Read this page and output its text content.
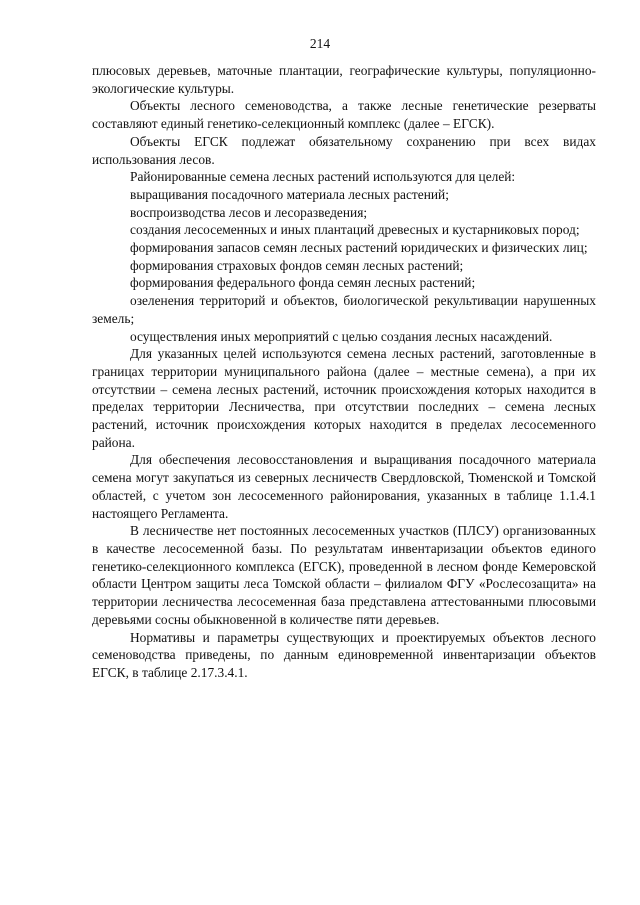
214

плюсовых деревьев, маточные плантации, географические культуры, популяционно-экологические культуры.

Объекты лесного семеноводства, а также лесные генетические резерваты составляют единый генетико-селекционный комплекс (далее – ЕГСК).

Объекты ЕГСК подлежат обязательному сохранению при всех видах использования лесов.

Районированные семена лесных растений используются для целей:

выращивания посадочного материала лесных растений;

воспроизводства лесов и лесоразведения;

создания лесосеменных и иных плантаций древесных и кустарниковых пород;

формирования запасов семян лесных растений юридических и физических лиц;

формирования страховых фондов семян лесных растений;

формирования федерального фонда семян лесных растений;

озеленения территорий и объектов, биологической рекультивации нарушенных земель;

осуществления иных мероприятий с целью создания лесных насаждений.

Для указанных целей используются семена лесных растений, заготовленные в границах территории муниципального района (далее – местные семена), а при их отсутствии – семена лесных растений, источник происхождения которых находится в пределах территории Лесничества, при отсутствии последних – семена лесных растений, источник происхождения которых находится в пределах лесосеменного района.

Для обеспечения лесовосстановления и выращивания посадочного материала семена могут закупаться из северных лесничеств Свердловской, Тюменской и Томской областей, с учетом зон лесосеменного районирования, указанных в таблице 1.1.4.1 настоящего Регламента.

В лесничестве нет постоянных лесосеменных участков (ПЛСУ) организованных в качестве лесосеменной базы. По результатам инвентаризации объектов единого генетико-селекционного комплекса (ЕГСК), проведенной в лесном фонде Кемеровской области Центром защиты леса Томской области – филиалом ФГУ «Рослесозащита» на территории лесничества лесосеменная база представлена аттестованными плюсовыми деревьями сосны обыкновенной в количестве пяти деревьев.

Нормативы и параметры существующих и проектируемых объектов лесного семеноводства приведены, по данным единовременной инвентаризации объектов ЕГСК, в таблице 2.17.3.4.1.
